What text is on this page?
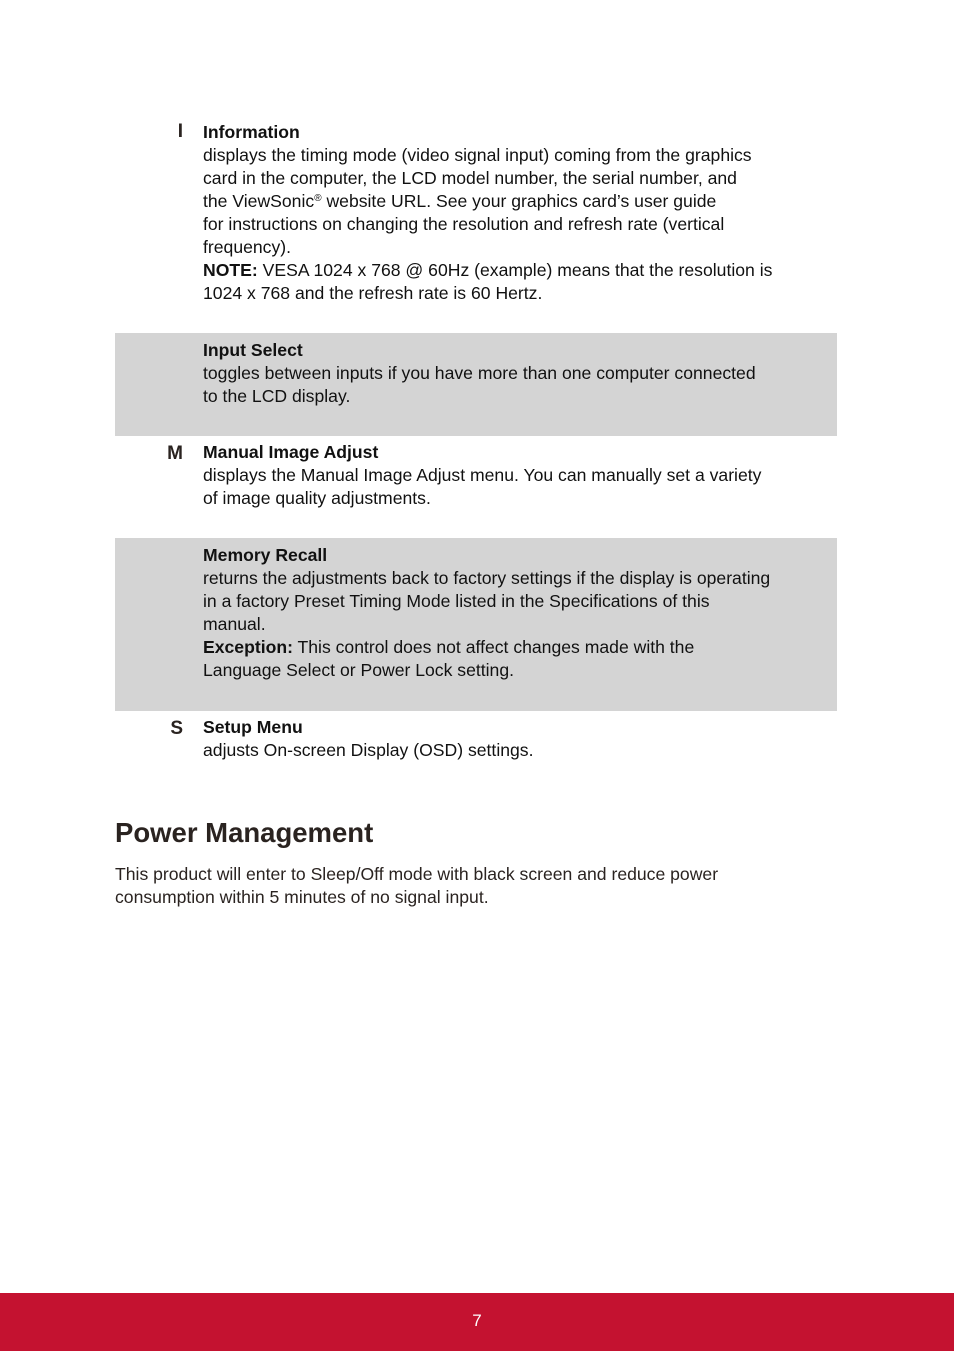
I Information
displays the timing mode (video signal input) coming from the graphics
card in the computer, the LCD model number, the serial number, and
the ViewSonic® website URL. See your graphics card’s user guide
for instructions on changing the resolution and refresh rate (vertical
frequency).
NOTE: VESA 1024 x 768 @ 60Hz (example) means that the resolution is
1024 x 768 and the refresh rate is 60 Hertz.
Input Select
toggles between inputs if you have more than one computer connected
to the LCD display.
M Manual Image Adjust
displays the Manual Image Adjust menu. You can manually set a variety
of image quality adjustments.
Memory Recall
returns the adjustments back to factory settings if the display is operating
in a factory Preset Timing Mode listed in the Specifications of this
manual.
Exception: This control does not affect changes made with the
Language Select or Power Lock setting.
S Setup Menu
adjusts On-screen Display (OSD) settings.
Power Management
This product will enter to Sleep/Off mode with black screen and reduce power
consumption within 5 minutes of no signal input.
7
